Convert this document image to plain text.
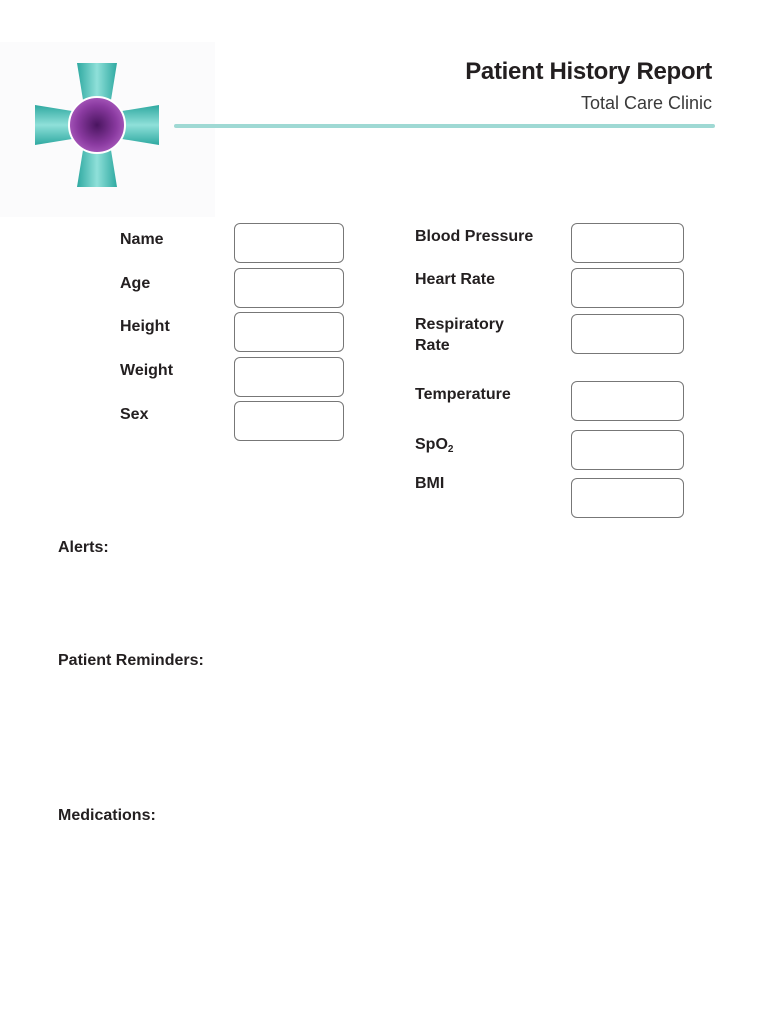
Patient History Report
Total Care Clinic
Name
Age
Height
Weight
Sex
Blood Pressure
Heart Rate
Respiratory Rate
Temperature
SpO$_2$
BMI
Alerts:
Patient Reminders:
Medications:
